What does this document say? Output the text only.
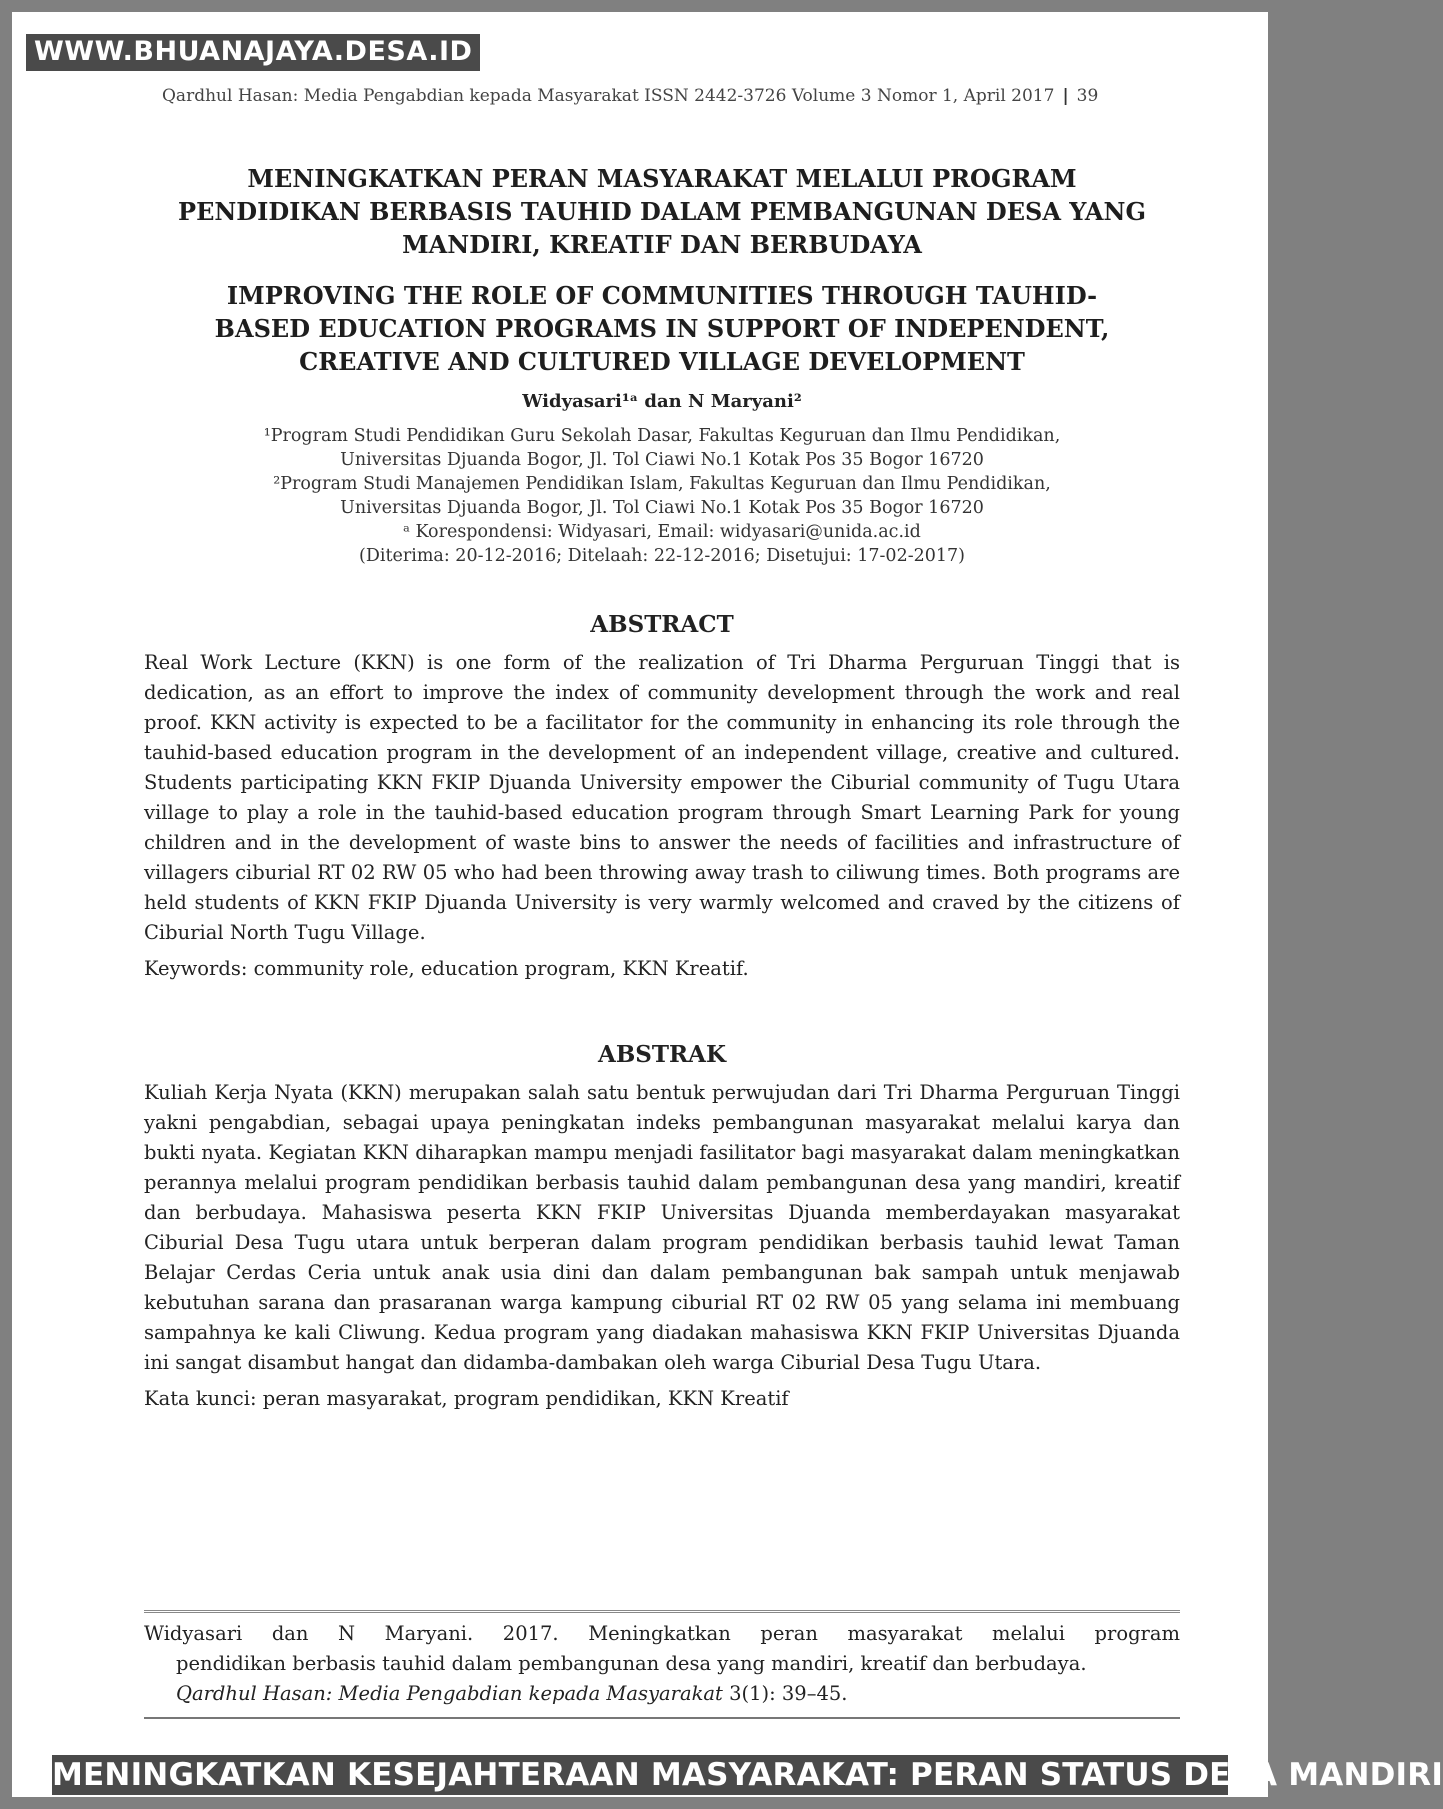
WWW.BHUANAJAYA.DESA.ID
Qardhul Hasan: Media Pengabdian kepada Masyarakat ISSN 2442-3726 Volume 3 Nomor 1, April 2017 | 39
MENINGKATKAN PERAN MASYARAKAT MELALUI PROGRAM PENDIDIKAN BERBASIS TAUHID DALAM PEMBANGUNAN DESA YANG MANDIRI, KREATIF DAN BERBUDAYA
IMPROVING THE ROLE OF COMMUNITIES THROUGH TAUHID-BASED EDUCATION PROGRAMS IN SUPPORT OF INDEPENDENT, CREATIVE AND CULTURED VILLAGE DEVELOPMENT
Widyasari¹ᵃ dan N Maryani²
¹Program Studi Pendidikan Guru Sekolah Dasar, Fakultas Keguruan dan Ilmu Pendidikan,
Universitas Djuanda Bogor, Jl. Tol Ciawi No.1 Kotak Pos 35 Bogor 16720
²Program Studi Manajemen Pendidikan Islam, Fakultas Keguruan dan Ilmu Pendidikan,
Universitas Djuanda Bogor, Jl. Tol Ciawi No.1 Kotak Pos 35 Bogor 16720
ᵃ Korespondensi: Widyasari, Email: widyasari@unida.ac.id
(Diterima: 20-12-2016; Ditelaah: 22-12-2016; Disetujui: 17-02-2017)
ABSTRACT
Real Work Lecture (KKN) is one form of the realization of Tri Dharma Perguruan Tinggi that is dedication, as an effort to improve the index of community development through the work and real proof. KKN activity is expected to be a facilitator for the community in enhancing its role through the tauhid-based education program in the development of an independent village, creative and cultured. Students participating KKN FKIP Djuanda University empower the Ciburial community of Tugu Utara village to play a role in the tauhid-based education program through Smart Learning Park for young children and in the development of waste bins to answer the needs of facilities and infrastructure of villagers ciburial RT 02 RW 05 who had been throwing away trash to ciliwung times. Both programs are held students of KKN FKIP Djuanda University is very warmly welcomed and craved by the citizens of Ciburial North Tugu Village.
Keywords: community role, education program, KKN Kreatif.
ABSTRAK
Kuliah Kerja Nyata (KKN) merupakan salah satu bentuk perwujudan dari Tri Dharma Perguruan Tinggi yakni pengabdian, sebagai upaya peningkatan indeks pembangunan masyarakat melalui karya dan bukti nyata. Kegiatan KKN diharapkan mampu menjadi fasilitator bagi masyarakat dalam meningkatkan perannya melalui program pendidikan berbasis tauhid dalam pembangunan desa yang mandiri, kreatif dan berbudaya. Mahasiswa peserta KKN FKIP Universitas Djuanda memberdayakan masyarakat Ciburial Desa Tugu utara untuk berperan dalam program pendidikan berbasis tauhid lewat Taman Belajar Cerdas Ceria untuk anak usia dini dan dalam pembangunan bak sampah untuk menjawab kebutuhan sarana dan prasaranan warga kampung ciburial RT 02 RW 05 yang selama ini membuang sampahnya ke kali Cliwung. Kedua program yang diadakan mahasiswa KKN FKIP Universitas Djuanda ini sangat disambut hangat dan didamba-dambakan oleh warga Ciburial Desa Tugu Utara.
Kata kunci: peran masyarakat, program pendidikan, KKN Kreatif
Widyasari dan N Maryani. 2017. Meningkatkan peran masyarakat melalui program
pendidikan berbasis tauhid dalam pembangunan desa yang mandiri, kreatif dan berbudaya.
Qardhul Hasan: Media Pengabdian kepada Masyarakat 3(1): 39–45.
MENINGKATKAN KESEJAHTERAAN MASYARAKAT: PERAN STATUS DESA MANDIRI
